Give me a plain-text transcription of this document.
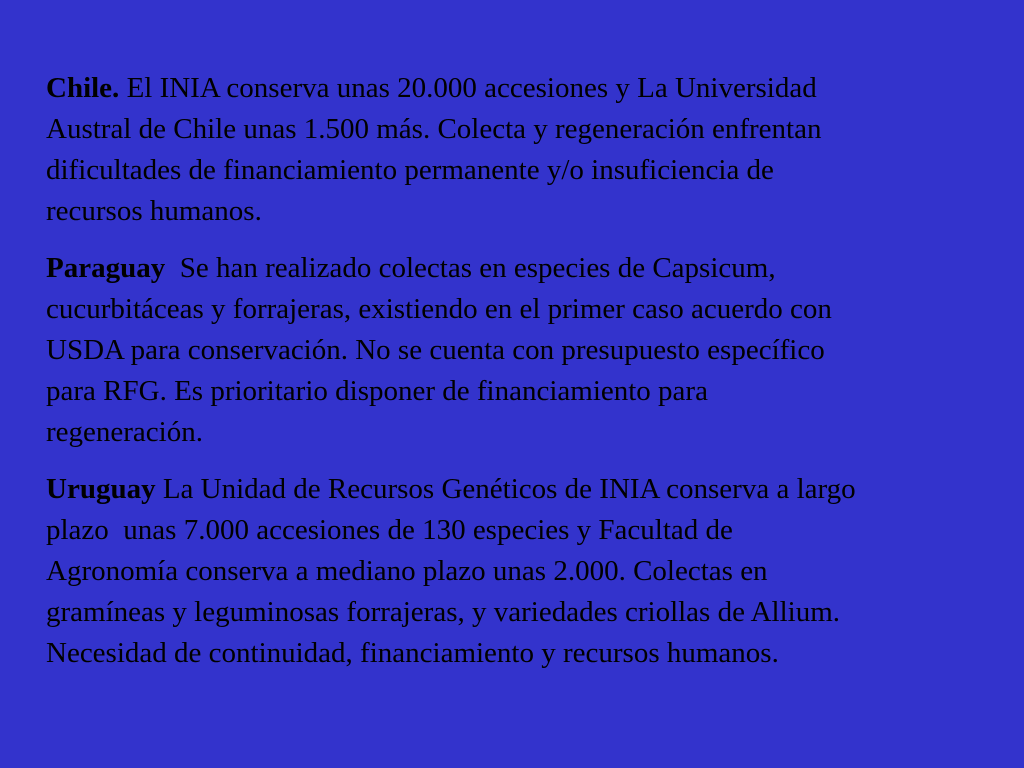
Chile. El INIA conserva unas 20.000 accesiones y La Universidad
Austral de Chile unas 1.500 más. Colecta y regeneración enfrentan
dificultades de financiamiento permanente y/o insuficiencia de
recursos humanos.

Paraguay  Se han realizado colectas en especies de Capsicum,
cucurbitáceas y forrajeras, existiendo en el primer caso acuerdo con
USDA para conservación. No se cuenta con presupuesto específico
para RFG. Es prioritario disponer de financiamiento para
regeneración.

Uruguay La Unidad de Recursos Genéticos de INIA conserva a largo
plazo  unas 7.000 accesiones de 130 especies y Facultad de
Agronomía conserva a mediano plazo unas 2.000. Colectas en
gramíneas y leguminosas forrajeras, y variedades criollas de Allium.
Necesidad de continuidad, financiamiento y recursos humanos.
